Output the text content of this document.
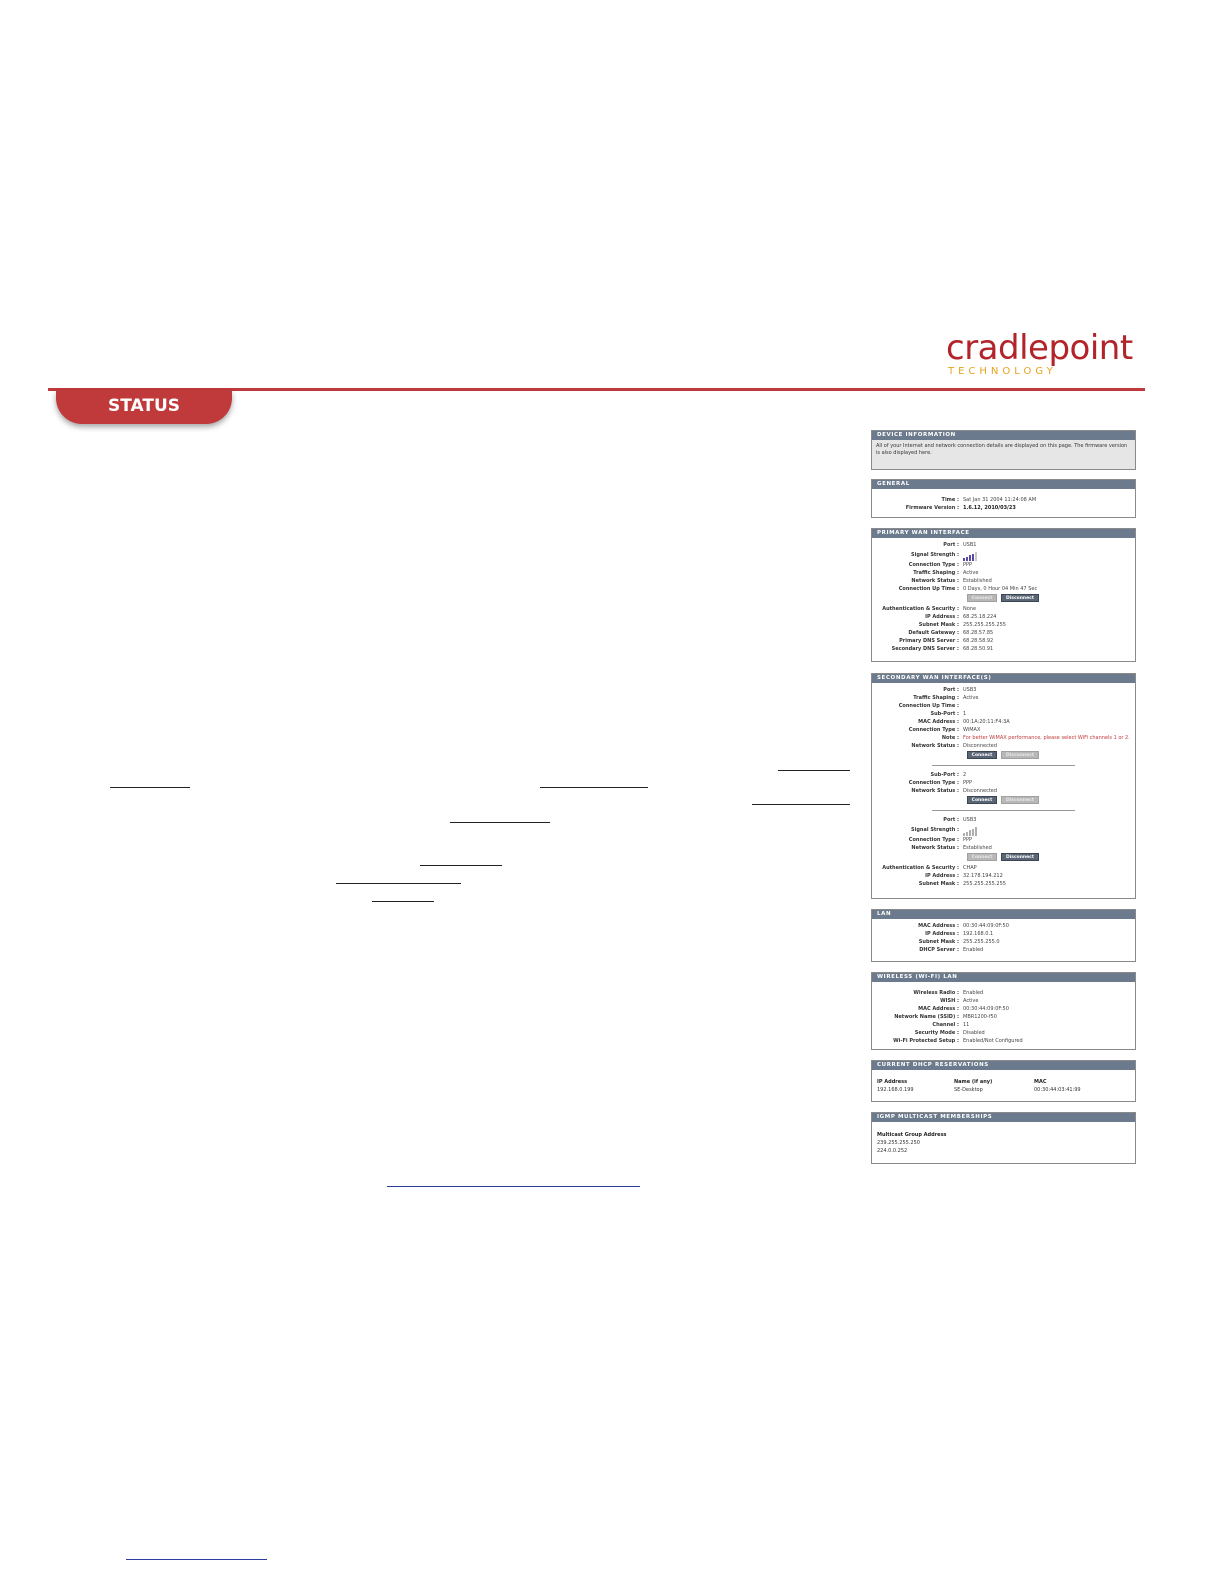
cradlepoint
TECHNOLOGY
STATUS
DEVICE INFORMATION
All of your Internet and network connection details are displayed on this page. The firmware version is also displayed here.
GENERAL
Time : Sat Jan 31 2004 11:24:08 AM
Firmware Version : 1.6.12, 2010/03/23
PRIMARY WAN INTERFACE
Port : USB1
Signal Strength :
Connection Type : PPP
Traffic Shaping : Active
Network Status : Established
Connection Up Time : 0 Days, 0 Hour 04 Min 47 Sec
Connect	Disconnect
Authentication & Security : None
IP Address : 68.25.18.224
Subnet Mask : 255.255.255.255
Default Gateway : 68.28.57.85
Primary DNS Server : 68.28.58.92
Secondary DNS Server : 68.28.50.91
SECONDARY WAN INTERFACE(S)
Port : USB3
Traffic Shaping : Active
Connection Up Time :
Sub-Port : 1
MAC Address : 00:1A:20:11:F4:3A
Connection Type : WiMAX
Note : For better WiMAX performance, please select WiFi channels 1 or 2.
Network Status : Disconnected
Connect	Disconnect
Sub-Port : 2
Connection Type : PPP
Network Status : Disconnected
Connect	Disconnect
Port : USB3
Signal Strength :
Connection Type : PPP
Network Status : Established
Connect	Disconnect
Authentication & Security : CHAP
IP Address : 32.178.194.212
Subnet Mask : 255.255.255.255
LAN
MAC Address : 00:30:44:09:0F:50
IP Address : 192.168.0.1
Subnet Mask : 255.255.255.0
DHCP Server : Enabled
WIRELESS (WI-FI) LAN
Wireless Radio : Enabled
WISH : Active
MAC Address : 00:30:44:09:0F:50
Network Name (SSID) : MBR1200-f50
Channel : 11
Security Mode : Disabled
Wi-Fi Protected Setup : Enabled/Not Configured
CURRENT DHCP RESERVATIONS
IP Address	Name (if any)	MAC
192.168.0.199	SE-Desktop	00:30:44:03:41:99
IGMP MULTICAST MEMBERSHIPS
Multicast Group Address
239.255.255.250
224.0.0.252
